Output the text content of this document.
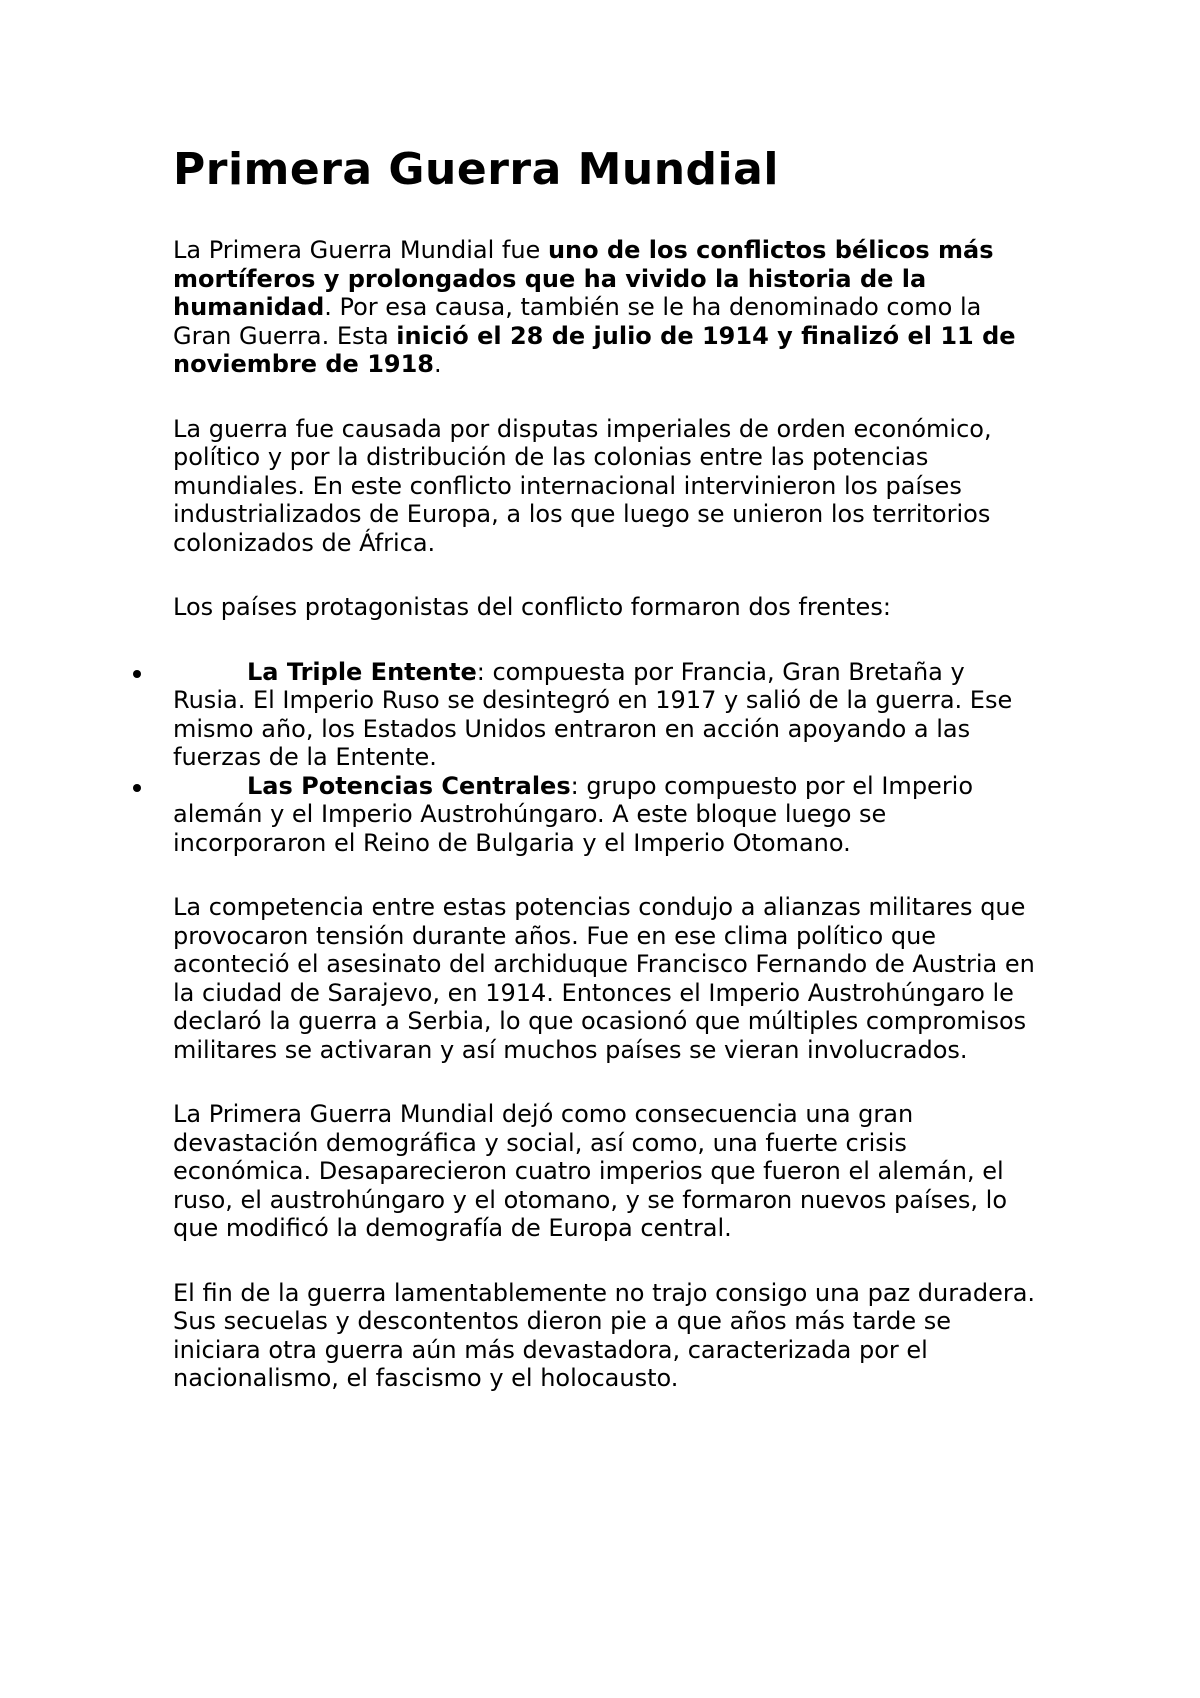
Primera Guerra Mundial

La Primera Guerra Mundial fue uno de los conflictos bélicos más mortíferos y prolongados que ha vivido la historia de la humanidad. Por esa causa, también se le ha denominado como la Gran Guerra. Esta inició el 28 de julio de 1914 y finalizó el 11 de noviembre de 1918.

La guerra fue causada por disputas imperiales de orden económico, político y por la distribución de las colonias entre las potencias mundiales. En este conflicto internacional intervinieron los países industrializados de Europa, a los que luego se unieron los territorios colonizados de África.

Los países protagonistas del conflicto formaron dos frentes:

La Triple Entente: compuesta por Francia, Gran Bretaña y Rusia. El Imperio Ruso se desintegró en 1917 y salió de la guerra. Ese mismo año, los Estados Unidos entraron en acción apoyando a las fuerzas de la Entente.
Las Potencias Centrales: grupo compuesto por el Imperio alemán y el Imperio Austrohúngaro. A este bloque luego se incorporaron el Reino de Bulgaria y el Imperio Otomano.

La competencia entre estas potencias condujo a alianzas militares que provocaron tensión durante años. Fue en ese clima político que aconteció el asesinato del archiduque Francisco Fernando de Austria en la ciudad de Sarajevo, en 1914. Entonces el Imperio Austrohúngaro le declaró la guerra a Serbia, lo que ocasionó que múltiples compromisos militares se activaran y así muchos países se vieran involucrados.

La Primera Guerra Mundial dejó como consecuencia una gran devastación demográfica y social, así como, una fuerte crisis económica. Desaparecieron cuatro imperios que fueron el alemán, el ruso, el austrohúngaro y el otomano, y se formaron nuevos países, lo que modificó la demografía de Europa central.

El fin de la guerra lamentablemente no trajo consigo una paz duradera. Sus secuelas y descontentos dieron pie a que años más tarde se iniciara otra guerra aún más devastadora, caracterizada por el nacionalismo, el fascismo y el holocausto.
